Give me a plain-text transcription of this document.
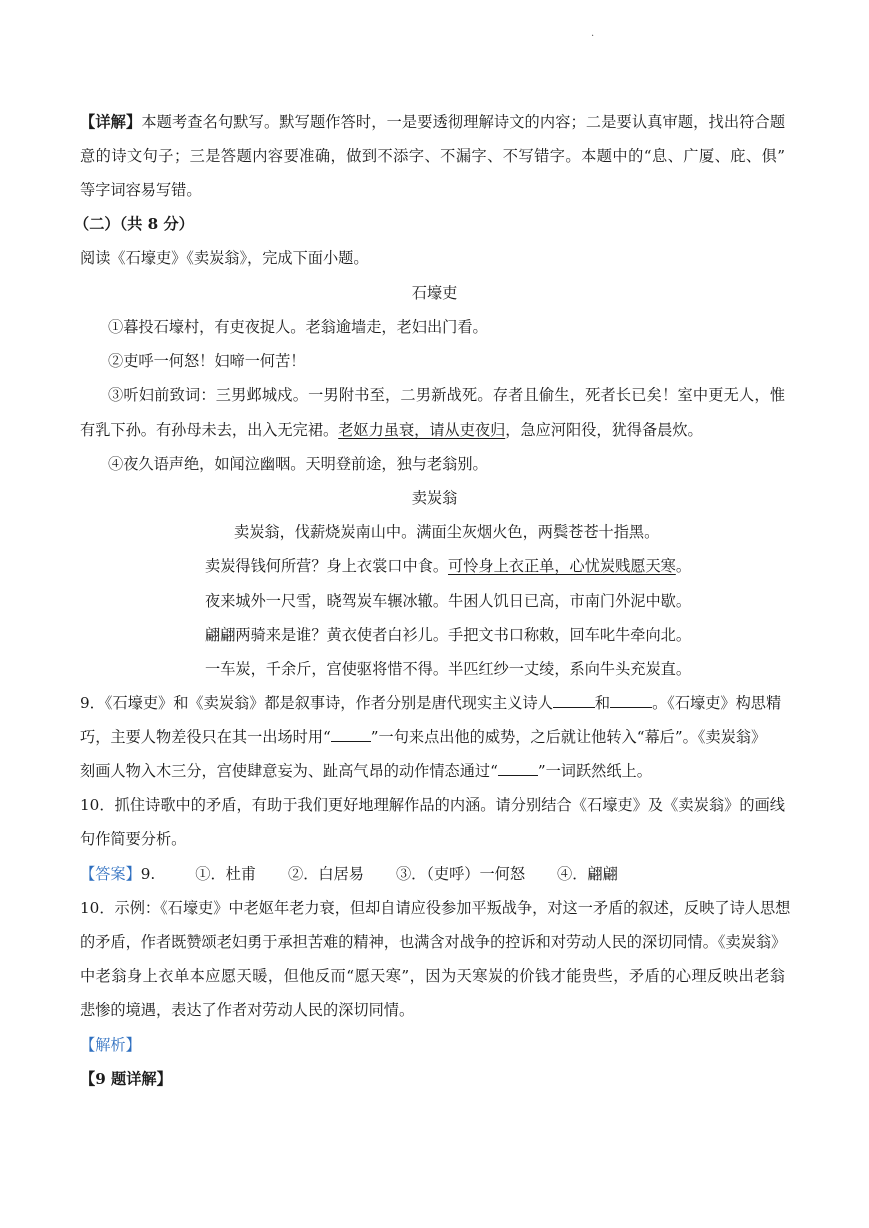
.
【详解】本题考查名句默写。默写题作答时，一是要透彻理解诗文的内容；二是要认真审题，找出符合题
意的诗文句子；三是答题内容要准确，做到不添字、不漏字、不写错字。本题中的“息、广厦、庇、俱”
等字词容易写错。
（二）（共 8 分）
阅读《石壕吏》《卖炭翁》，完成下面小题。
石壕吏
①暮投石壕村，有吏夜捉人。老翁逾墙走，老妇出门看。
②吏呼一何怒！妇啼一何苦！
③听妇前致词：三男邺城戍。一男附书至，二男新战死。存者且偷生，死者长已矣！室中更无人，惟
有乳下孙。有孙母未去，出入无完裙。老妪力虽衰，请从吏夜归，急应河阳役，犹得备晨炊。
④夜久语声绝，如闻泣幽咽。天明登前途，独与老翁别。
卖炭翁
卖炭翁，伐薪烧炭南山中。满面尘灰烟火色，两鬓苍苍十指黑。
卖炭得钱何所营？身上衣裳口中食。可怜身上衣正单，心忧炭贱愿天寒。
夜来城外一尺雪，晓驾炭车辗冰辙。牛困人饥日已高，市南门外泥中歇。
翩翩两骑来是谁？黄衣使者白衫儿。手把文书口称敕，回车叱牛牵向北。
一车炭，千余斤，宫使驱将惜不得。半匹红纱一丈绫，系向牛头充炭直。
9．《石壕吏》和《卖炭翁》都是叙事诗，作者分别是唐代现实主义诗人	和	。《石壕吏》构思精
巧，主要人物差役只在其一出场时用“	”一句来点出他的威势，之后就让他转入“幕后”。《卖炭翁》
刻画人物入木三分，宫使肆意妄为、趾高气昂的动作情态通过“	”一词跃然纸上。
10．抓住诗歌中的矛盾，有助于我们更好地理解作品的内涵。请分别结合《石壕吏》及《卖炭翁》的画线
句作简要分析。
【答案】9.	①．杜甫 ②．白居易 ③．（吏呼）一何怒 ④．翩翩
10．示例：《石壕吏》中老妪年老力衰，但却自请应役参加平叛战争，对这一矛盾的叙述，反映了诗人思想
的矛盾，作者既赞颂老妇勇于承担苦难的精神，也满含对战争的控诉和对劳动人民的深切同情。《卖炭翁》
中老翁身上衣单本应愿天暖，但他反而“愿天寒”，因为天寒炭的价钱才能贵些，矛盾的心理反映出老翁
悲惨的境遇，表达了作者对劳动人民的深切同情。
【解析】
【9 题详解】
